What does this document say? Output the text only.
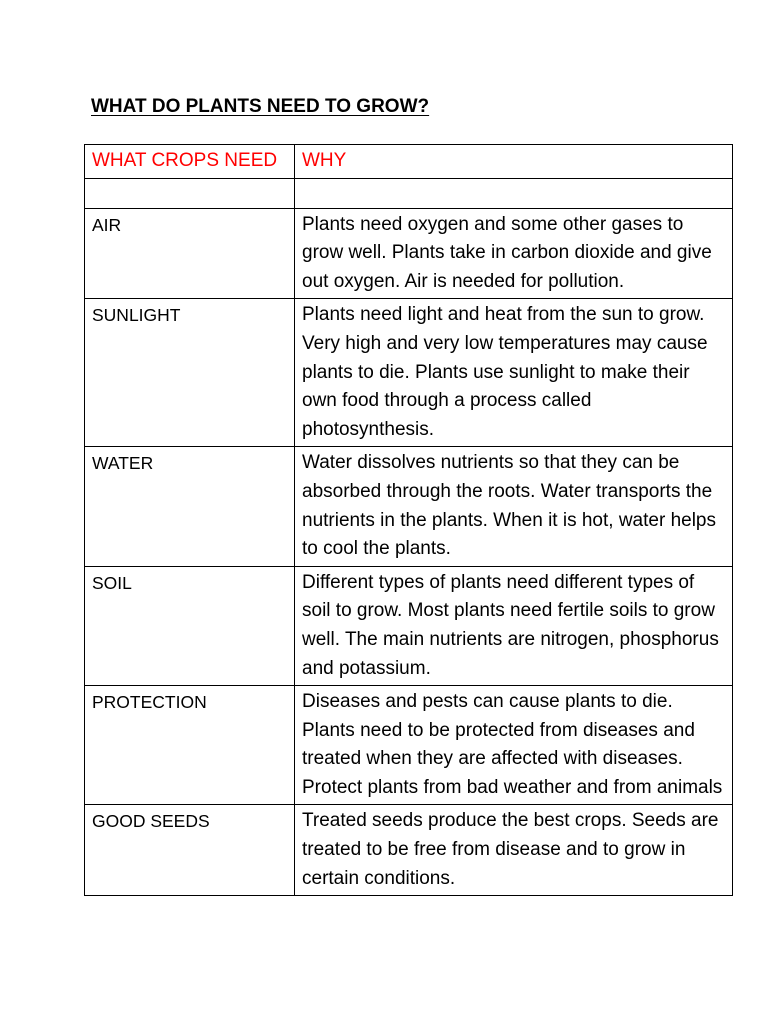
WHAT DO PLANTS NEED TO GROW?
WHAT CROPS NEED	WHY

AIR	Plants need oxygen and some other gases to grow well. Plants take in carbon dioxide and give out oxygen. Air is needed for pollution.
SUNLIGHT	Plants need light and heat from the sun to grow. Very high and very low temperatures may cause plants to die. Plants use sunlight to make their own food through a process called photosynthesis.
WATER	Water dissolves nutrients so that they can be absorbed through the roots. Water transports the nutrients in the plants. When it is hot, water helps to cool the plants.
SOIL	Different types of plants need different types of soil to grow. Most plants need fertile soils to grow well. The main nutrients are nitrogen, phosphorus and potassium.
PROTECTION	Diseases and pests can cause plants to die. Plants need to be protected from diseases and treated when they are affected with diseases. Protect plants from bad weather and from animals
GOOD SEEDS	Treated seeds produce the best crops. Seeds are treated to be free from disease and to grow in certain conditions.
